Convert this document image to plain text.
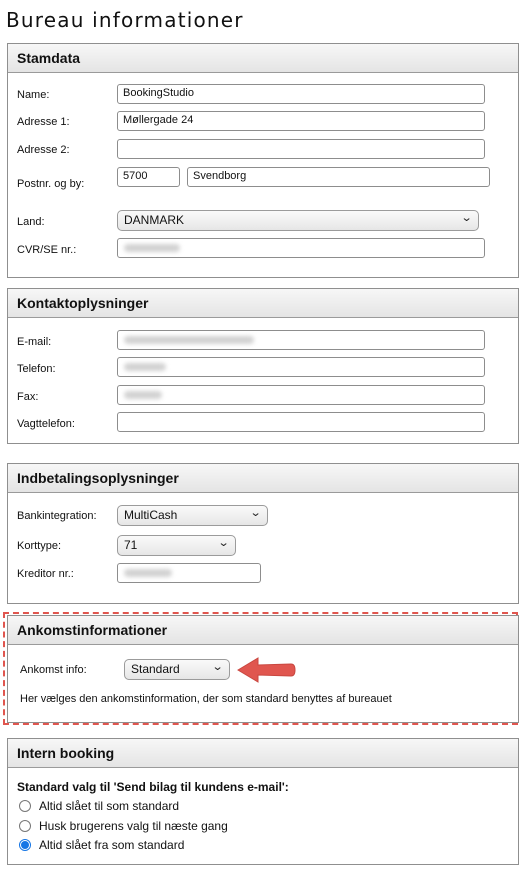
Bureau informationer
Stamdata
Name:	BookingStudio
Adresse 1:	Møllergade 24
Adresse 2:
Postnr. og by:
5700	Svendborg
Land:	DANMARK	⌄
CVR/SE nr.:
Kontaktoplysninger
E-mail:
Telefon:
Fax:
Vagttelefon:
Indbetalingsoplysninger
Bankintegration:	MultiCash	⌄
Korttype:	71	⌄
Kreditor nr.:
Ankomstinformationer
Ankomst info:	Standard	⌄
Her vælges den ankomstinformation, der som standard benyttes af bureauet
Intern booking
Standard valg til 'Send bilag til kundens e-mail':
Altid slået til som standard
Husk brugerens valg til næste gang
Altid slået fra som standard
